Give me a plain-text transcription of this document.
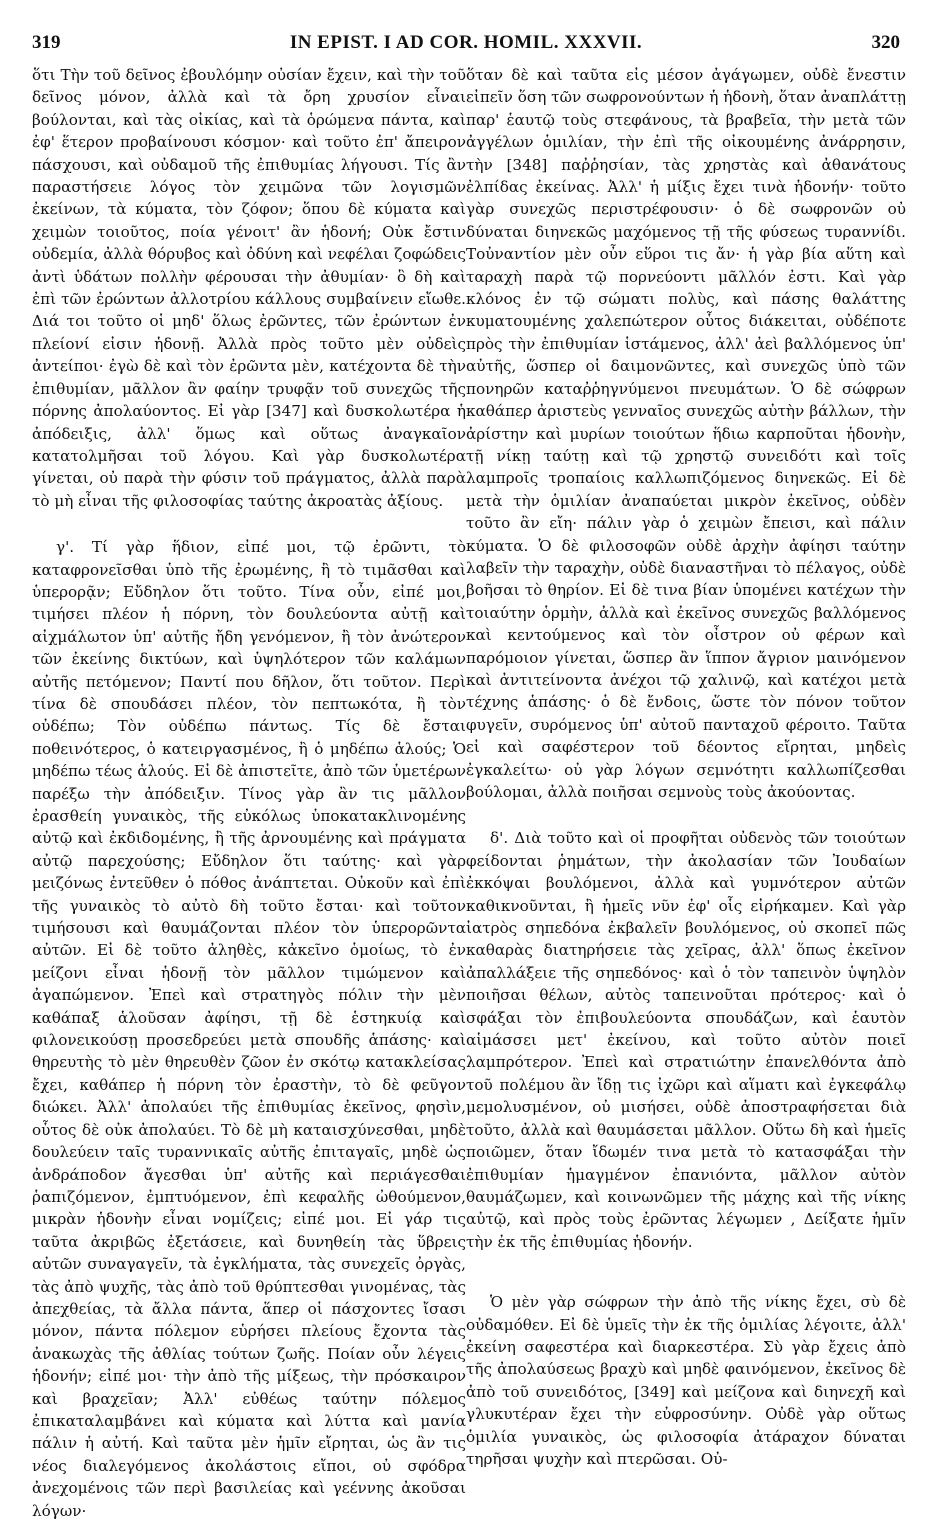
319	IN EPIST. I AD COR. HOMIL. XXXVII.	320

ὅτι Τὴν τοῦ δεῖνος ἐβουλόμην οὐσίαν ἔχειν, καὶ τὴν τοῦ δεῖνος μόνον, ἀλλὰ καὶ τὰ ὄρη χρυσίον εἶναι βούλονται, καὶ τὰς οἰκίας, καὶ τὰ ὁρώμενα πάντα, καὶ ἐφ' ἕτερον προβαίνουσι κόσμον· καὶ τοῦτο ἐπ' ἄπειρον πάσχουσι, καὶ οὐδαμοῦ τῆς ἐπιθυμίας λήγουσι. Τίς ἂν παραστήσειε λόγος τὸν χειμῶνα τῶν λογισμῶν ἐκείνων, τὰ κύματα, τὸν ζόφον; ὅπου δὲ κύματα καὶ χειμὼν τοιοῦτος, ποία γένοιτ' ἂν ἡδονή; Οὐκ ἔστιν οὐδεμία, ἀλλὰ θόρυβος καὶ ὀδύνη καὶ νεφέλαι ζοφώδεις ἀντὶ ὑδάτων πολλὴν φέρουσαι τὴν ἀθυμίαν· ὃ δὴ καὶ ἐπὶ τῶν ἐρώντων ἀλλοτρίου κάλλους συμβαίνειν εἴωθε. Διά τοι τοῦτο οἱ μηδ' ὅλως ἐρῶντες, τῶν ἐρώντων ἐν πλείονί εἰσιν ἡδονῇ. Ἀλλὰ πρὸς τοῦτο μὲν οὐδεὶς ἀντείποι· ἐγὼ δὲ καὶ τὸν ἐρῶντα μὲν, κατέχοντα δὲ τὴν ἐπιθυμίαν, μᾶλλον ἂν φαίην τρυφᾷν τοῦ συνεχῶς τῆς πόρνης ἀπολαύοντος. Εἰ γὰρ [347] καὶ δυσκολωτέρα ἡ ἀπόδειξις, ἀλλ' ὅμως καὶ οὕτως ἀναγκαῖον κατατολμῆσαι τοῦ λόγου. Καὶ γὰρ δυσκολωτέρα γίνεται, οὐ παρὰ τὴν φύσιν τοῦ πράγματος, ἀλλὰ παρὰ τὸ μὴ εἶναι τῆς φιλοσοφίας ταύτης ἀκροατὰς ἀξίους.

γ'. Τί γὰρ ἥδιον, εἰπέ μοι, τῷ ἐρῶντι, τὸ καταφρονεῖσθαι ὑπὸ τῆς ἐρωμένης, ἢ τὸ τιμᾶσθαι καὶ ὑπερορᾷν; Εὔδηλον ὅτι τοῦτο. Τίνα οὖν, εἰπέ μοι, τιμήσει πλέον ἡ πόρνη, τὸν δουλεύοντα αὐτῇ καὶ αἰχμάλωτον ὑπ' αὐτῆς ἤδη γενόμενον, ἢ τὸν ἀνώτερον τῶν ἐκείνης δικτύων, καὶ ὑψηλότερον τῶν καλάμων αὐτῆς πετόμενον; Παντί που δῆλον, ὅτι τοῦτον. Περὶ τίνα δὲ σπουδάσει πλέον, τὸν πεπτωκότα, ἢ τὸν οὐδέπω; Τὸν οὐδέπω πάντως. Τίς δὲ ἔσται ποθεινότερος, ὁ κατειργασμένος, ἢ ὁ μηδέπω ἁλούς; Ὁ μηδέπω τέως ἁλούς. Εἰ δὲ ἀπιστεῖτε, ἀπὸ τῶν ὑμετέρων παρέξω τὴν ἀπόδειξιν. Τίνος γὰρ ἂν τις μᾶλλον ἐρασθείη γυναικὸς, τῆς εὐκόλως ὑποκατακλινομένης αὐτῷ καὶ ἐκδιδομένης, ἢ τῆς ἀρνουμένης καὶ πράγματα αὐτῷ παρεχούσης; Εὔδηλον ὅτι ταύτης· καὶ γὰρ μειζόνως ἐντεῦθεν ὁ πόθος ἀνάπτεται. Οὐκοῦν καὶ ἐπὶ τῆς γυναικὸς τὸ αὐτὸ δὴ τοῦτο ἔσται· καὶ τοῦτον τιμήσουσι καὶ θαυμάζονται πλέον τὸν ὑπερορῶντα αὐτῶν. Εἰ δὲ τοῦτο ἀληθὲς, κἀκεῖνο ὁμοίως, τὸ ἐν μείζονι εἶναι ἡδονῇ τὸν μᾶλλον τιμώμενον καὶ ἀγαπώμενον. Ἐπεὶ καὶ στρατηγὸς πόλιν τὴν μὲν καθάπαξ ἁλοῦσαν ἀφίησι, τῇ δὲ ἑστηκυίᾳ καὶ φιλονεικούσῃ προσεδρεύει μετὰ σπουδῆς ἁπάσης· καὶ θηρευτὴς τὸ μὲν θηρευθὲν ζῶον ἐν σκότῳ κατακλείσας ἔχει, καθάπερ ἡ πόρνη τὸν ἐραστὴν, τὸ δὲ φεῦγον διώκει. Ἀλλ' ἀπολαύει τῆς ἐπιθυμίας ἐκεῖνος, φησὶν, οὗτος δὲ οὐκ ἀπολαύει. Τὸ δὲ μὴ καταισχύνεσθαι, μηδὲ δουλεύειν ταῖς τυραννικαῖς αὐτῆς ἐπιταγαῖς, μηδὲ ὡς ἀνδράποδον ἄγεσθαι ὑπ' αὐτῆς καὶ περιάγεσθαι ῥαπιζόμενον, ἐμπτυόμενον, ἐπὶ κεφαλῆς ὠθούμενον, μικρὰν ἡδονὴν εἶναι νομίζεις; εἰπέ μοι. Εἰ γάρ τις ταῦτα ἀκριβῶς ἐξετάσειε, καὶ δυνηθείη τὰς ὕβρεις αὐτῶν συναγαγεῖν, τὰ ἐγκλήματα, τὰς συνεχεῖς ὀργὰς, τὰς ἀπὸ ψυχῆς, τὰς ἀπὸ τοῦ θρύπτεσθαι γινομένας, τὰς ἀπεχθείας, τὰ ἄλλα πάντα, ἅπερ οἱ πάσχοντες ἴσασι μόνον, πάντα πόλεμον εὑρήσει πλείους ἔχοντα τὰς ἀνακωχὰς τῆς ἀθλίας τούτων ζωῆς. Ποίαν οὖν λέγεις ἡδονήν; εἰπέ μοι· τὴν ἀπὸ τῆς μίξεως, τὴν πρόσκαιρον καὶ βραχεῖαν; Ἀλλ' εὐθέως ταύτην πόλεμος ἐπικαταλαμβάνει καὶ κύματα καὶ λύττα καὶ μανία πάλιν ἡ αὐτή. Καὶ ταῦτα μὲν ἡμῖν εἴρηται, ὡς ἂν τις νέος διαλεγόμενος ἀκολάστοις εἴποι, οὐ σφόδρα ἀνεχομένοις τῶν περὶ βασιλείας καὶ γεέννης ἀκοῦσαι λόγων·

ὅταν δὲ καὶ ταῦτα εἰς μέσον ἀγάγωμεν, οὐδὲ ἔνεστιν εἰπεῖν ὅση τῶν σωφρονούντων ἡ ἡδονὴ, ὅταν ἀναπλάττῃ παρ' ἑαυτῷ τοὺς στεφάνους, τὰ βραβεῖα, τὴν μετὰ τῶν ἀγγέλων ὁμιλίαν, τὴν ἐπὶ τῆς οἰκουμένης ἀνάρρησιν, τὴν [348] παῤῥησίαν, τὰς χρηστὰς καὶ ἀθανάτους ἐλπίδας ἐκείνας. Ἀλλ' ἡ μίξις ἔχει τινὰ ἡδονήν· τοῦτο γὰρ συνεχῶς περιστρέφουσιν· ὁ δὲ σωφρονῶν οὐ δύναται διηνεκῶς μαχόμενος τῇ τῆς φύσεως τυραννίδι. Τοὐναντίον μὲν οὖν εὕροι τις ἄν· ἡ γὰρ βία αὕτη καὶ ταραχὴ παρὰ τῷ πορνεύοντι μᾶλλόν ἐστι. Καὶ γὰρ κλόνος ἐν τῷ σώματι πολὺς, καὶ πάσης θαλάττης κυματουμένης χαλεπώτερον οὗτος διάκειται, οὐδέποτε πρὸς τὴν ἐπιθυμίαν ἱστάμενος, ἀλλ' ἀεὶ βαλλόμενος ὑπ' αὐτῆς, ὥσπερ οἱ δαιμονῶντες, καὶ συνεχῶς ὑπὸ τῶν πονηρῶν καταῤῥηγνύμενοι πνευμάτων. Ὁ δὲ σώφρων καθάπερ ἀριστεὺς γενναῖος συνεχῶς αὐτὴν βάλλων, τὴν ἀρίστην καὶ μυρίων τοιούτων ἥδιω καρποῦται ἡδονὴν, τῇ νίκῃ ταύτῃ καὶ τῷ χρηστῷ συνειδότι καὶ τοῖς λαμπροῖς τροπαίοις καλλωπιζόμενος διηνεκῶς. Εἰ δὲ μετὰ τὴν ὁμιλίαν ἀναπαύεται μικρὸν ἐκεῖνος, οὐδὲν τοῦτο ἂν εἴη· πάλιν γὰρ ὁ χειμὼν ἔπεισι, καὶ πάλιν κύματα. Ὁ δὲ φιλοσοφῶν οὐδὲ ἀρχὴν ἀφίησι ταύτην λαβεῖν τὴν ταραχὴν, οὐδὲ διαναστῆναι τὸ πέλαγος, οὐδὲ βοῆσαι τὸ θηρίον. Εἰ δὲ τινα βίαν ὑπομένει κατέχων τὴν τοιαύτην ὁρμὴν, ἀλλὰ καὶ ἐκεῖνος συνεχῶς βαλλόμενος καὶ κεντούμενος καὶ τὸν οἶστρον οὐ φέρων καὶ παρόμοιον γίνεται, ὥσπερ ἂν ἵππον ἄγριον μαινόμενον καὶ ἀντιτείνοντα ἀνέχοι τῷ χαλινῷ, καὶ κατέχοι μετὰ τέχνης ἁπάσης· ὁ δὲ ἔνδοις, ὥστε τὸν πόνον τοῦτον φυγεῖν, συρόμενος ὑπ' αὐτοῦ πανταχοῦ φέροιτο. Ταῦτα εἰ καὶ σαφέστερον τοῦ δέοντος εἴρηται, μηδεὶς ἐγκαλείτω· οὐ γὰρ λόγων σεμνότητι καλλωπίζεσθαι βούλομαι, ἀλλὰ ποιῆσαι σεμνοὺς τοὺς ἀκούοντας.

δ'. Διὰ τοῦτο καὶ οἱ προφῆται οὐδενὸς τῶν τοιούτων φείδονται ῥημάτων, τὴν ἀκολασίαν τῶν Ἰουδαίων ἐκκόψαι βουλόμενοι, ἀλλὰ καὶ γυμνότερον αὐτῶν καθικνοῦνται, ἢ ἡμεῖς νῦν ἐφ' οἷς εἰρήκαμεν. Καὶ γὰρ ἰατρὸς σηπεδόνα ἐκβαλεῖν βουλόμενος, οὐ σκοπεῖ πῶς καθαρὰς διατηρήσειε τὰς χεῖρας, ἀλλ' ὅπως ἐκεῖνον ἀπαλλάξειε τῆς σηπεδόνος· καὶ ὁ τὸν ταπεινὸν ὑψηλὸν ποιῆσαι θέλων, αὐτὸς ταπεινοῦται πρότερος· καὶ ὁ σφάξαι τὸν ἐπιβουλεύοντα σπουδάζων, καὶ ἑαυτὸν αἱμάσσει μετ' ἐκείνου, καὶ τοῦτο αὐτὸν ποιεῖ λαμπρότερον. Ἐπεὶ καὶ στρατιώτην ἐπανελθόντα ἀπὸ τοῦ πολέμου ἂν ἴδῃ τις ἰχῶρι καὶ αἵματι καὶ ἐγκεφάλῳ μεμολυσμένον, οὐ μισήσει, οὐδὲ ἀποστραφήσεται διὰ τοῦτο, ἀλλὰ καὶ θαυμάσεται μᾶλλον. Οὕτω δὴ καὶ ἡμεῖς ποιῶμεν, ὅταν ἴδωμέν τινα μετὰ τὸ κατασφάξαι τὴν ἐπιθυμίαν ἡμαγμένον ἐπανιόντα, μᾶλλον αὐτὸν θαυμάζωμεν, καὶ κοινωνῶμεν τῆς μάχης καὶ τῆς νίκης αὐτῷ, καὶ πρὸς τοὺς ἐρῶντας λέγωμεν , Δείξατε ἡμῖν τὴν ἐκ τῆς ἐπιθυμίας ἡδονήν.

Ὁ μὲν γὰρ σώφρων τὴν ἀπὸ τῆς νίκης ἔχει, σὺ δὲ οὐδαμόθεν. Εἰ δὲ ὑμεῖς τὴν ἐκ τῆς ὁμιλίας λέγοιτε, ἀλλ' ἐκείνη σαφεστέρα καὶ διαρκεστέρα. Σὺ γὰρ ἔχεις ἀπὸ τῆς ἀπολαύσεως βραχὺ καὶ μηδὲ φαινόμενον, ἐκεῖνος δὲ ἀπὸ τοῦ συνειδότος, [349] καὶ μείζονα καὶ διηνεχῆ καὶ γλυκυτέραν ἔχει τὴν εὐφροσύνην. Οὐδὲ γὰρ οὕτως ὁμιλία γυναικὸς, ὡς φιλοσοφία ἀτάραχον δύναται τηρῆσαι ψυχὴν καὶ πτερῶσαι. Οὐ-
